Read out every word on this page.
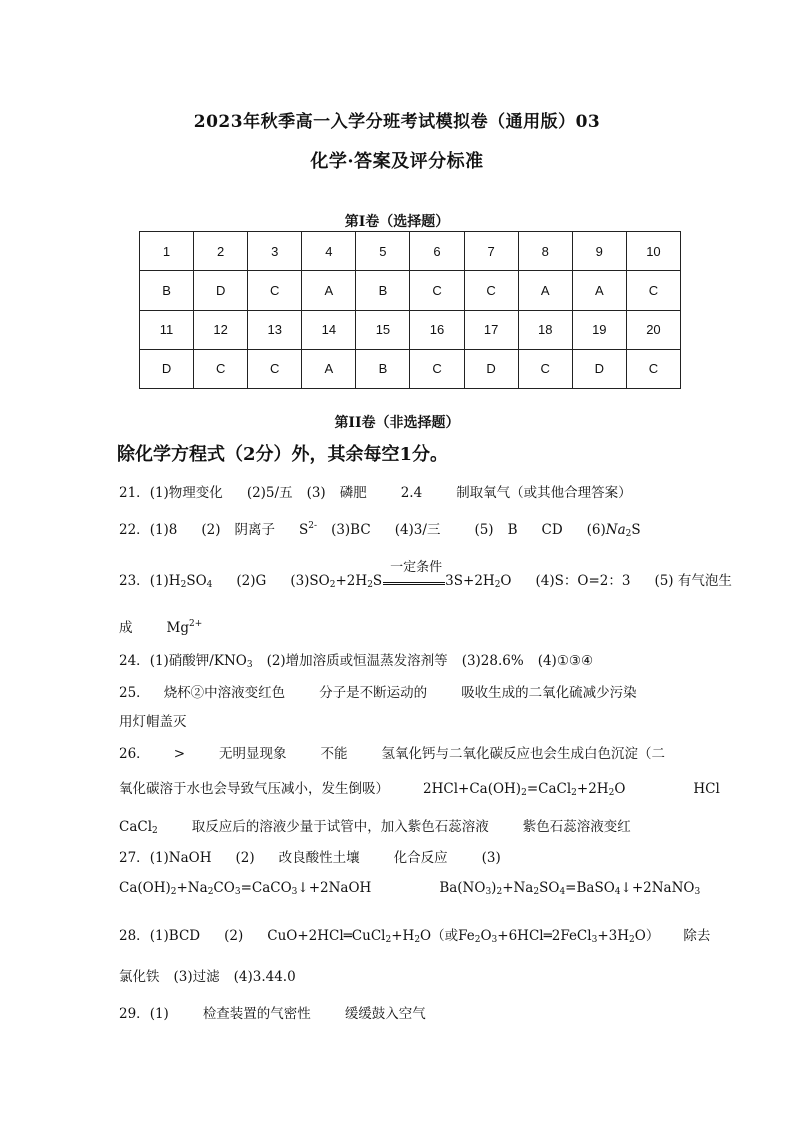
2023年秋季高一入学分班考试模拟卷（通用版）03
化学·答案及评分标准
第I卷（选择题）
1	2	3	4	5	6	7	8	9	10
B	D	C	A	B	C	C	A	A	C
11	12	13	14	15	16	17	18	19	20
D	C	C	A	B	C	D	C	D	C
第II卷（非选择题）
除化学方程式（2分）外，其余每空1分。
21．(1)物理变化 (2)5/五 (3) 磷肥	2.4	制取氧气（或其他合理答案）
22．(1)8 (2) 阴离子 $S^{2-}$ (3)BC (4)3/三	(5) B CD $(6)Na_2S$
23．$(1)H_2SO_4$ (2)G $(3)SO_2+2H_2S$
一定条件
$3S+2H_2O$ (4)S：O=2：3 (5) 有气泡生
成	$Mg^{2+}$
24．(1)硝酸钾$/KNO_3$ (2)增加溶质或恒温蒸发溶剂等 (3)28.6% (4)①③④
25． 烧杯②中溶液变红色	分子是不断运动的	吸收生成的二氧化硫减少污染
用灯帽盖灭
26． >	无明显现象	不能	氢氧化钙与二氧化碳反应也会生成白色沉淀（二
氧化碳溶于水也会导致气压减小，发生倒吸）	$2HCl+Ca(OH)_2=CaCl_2+2H_2O$	HCl
CaCl$_2$	取反应后的溶液少量于试管中，加入紫色石蕊溶液	紫色石蕊溶液变红
27．(1)NaOH (2) 改良酸性土壤	化合反应	(3)
$Ca(OH)_2+Na_2CO_3=CaCO_3↓+2NaOH$	$Ba(NO_3)_2+Na_2SO_4=BaSO_4↓+2NaNO_3$
28．(1)BCD (2) $CuO+2HCl═CuCl_2+H_2O$（或$Fe_2O_3+6HCl═2FeCl_3+3H_2O$） 除去
氯化铁 (3)过滤 (4)3.44.0
29．(1)	检查装置的气密性	缓缓鼓入空气
